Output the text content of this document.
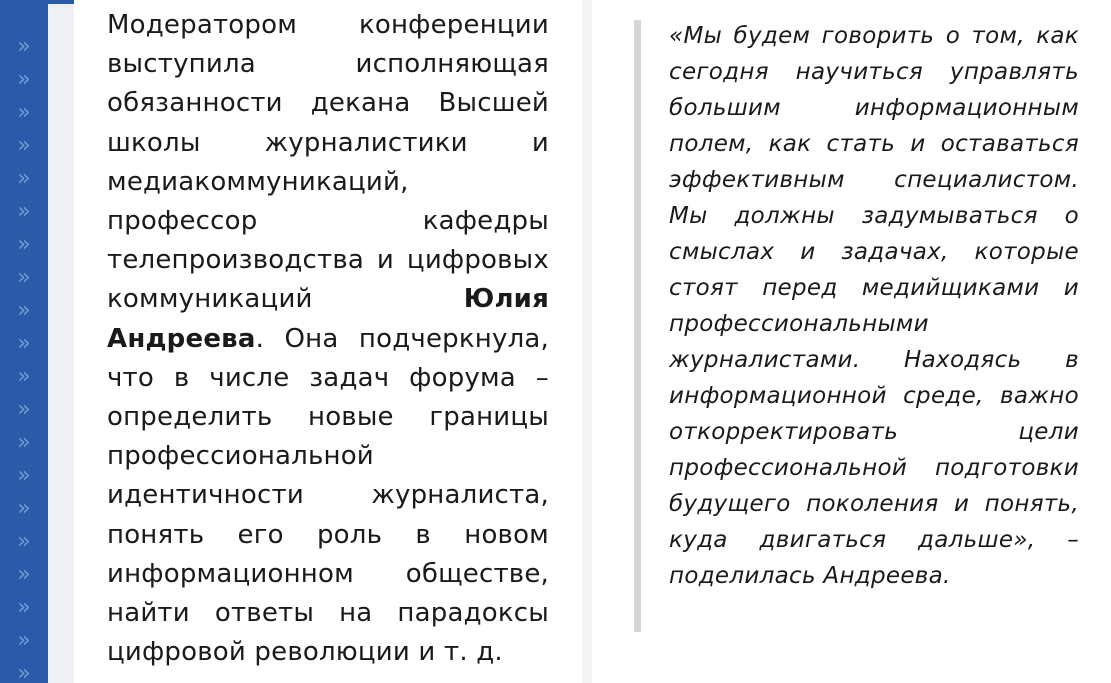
»
»
»
»
»
»
»
»
»
»
»
»
»
»
»
»
»
»
»
»
Модератором конференции выступила исполняющая обязанности декана Высшей школы журналистики и медиакоммуникаций, профессор кафедры телепроизводства и цифровых коммуникаций Юлия Андреева. Она подчеркнула, что в числе задач форума – определить новые границы профессиональной идентичности журналиста, понять его роль в новом информационном обществе, найти ответы на парадоксы цифровой революции и т. д.
«Мы будем говорить о том, как сегодня научиться управлять большим информационным полем, как стать и оставаться эффективным специалистом. Мы должны задумываться о смыслах и задачах, которые стоят перед медийщиками и профессиональными журналистами. Находясь в информационной среде, важно откорректировать цели профессиональной подготовки будущего поколения и понять, куда двигаться дальше», – поделилась Андреева.
